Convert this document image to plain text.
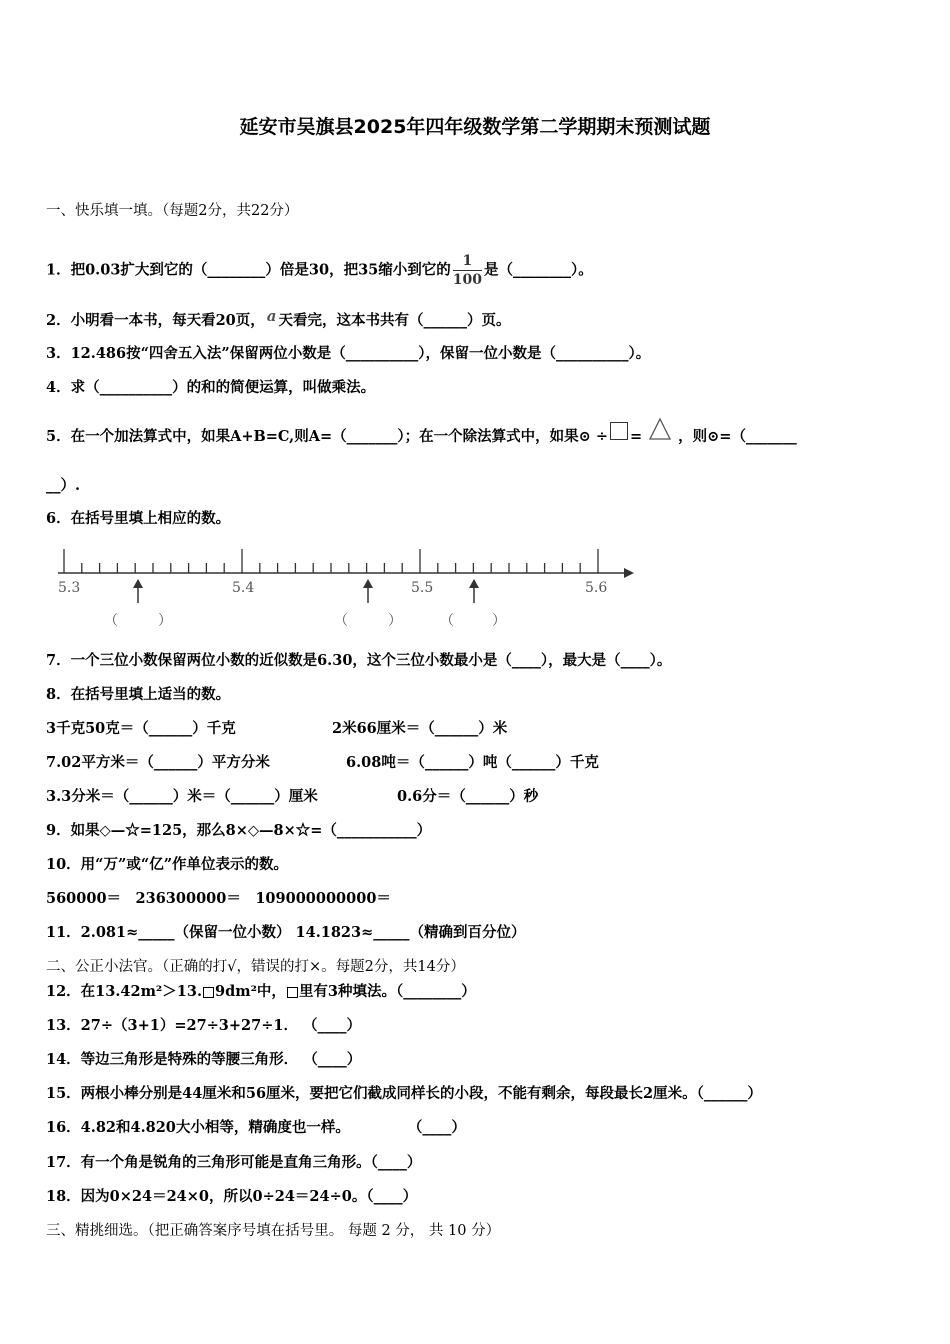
延安市吴旗县2025年四年级数学第二学期期末预测试题
一、快乐填一填。（每题2分，共22分）
1．把0.03扩大到它的（________）倍是30，把35缩小到它的 $\frac{1}{100}$ 是（________）。
2．小明看一本书，每天看20页， a 天看完，这本书共有（______）页。
3．12.486按“四舍五入法”保留两位小数是（__________），保留一位小数是（__________）。
4．求（__________）的和的简便运算，叫做乘法。
5．在一个加法算式中，如果A+B=C,则A=（_______）；在一个除法算式中，如果⊙ ÷ = ，则⊙=（_______
__）.
6．在括号里填上相应的数。
5.3	5.4	5.5	5.6
（	）	（	）	（	）
7．一个三位小数保留两位小数的近似数是6.30，这个三位小数最小是（____），最大是（____）。
8．在括号里填上适当的数。
3千克50克＝（______）千克	2米66厘米＝（______）米
7.02平方米＝（______）平方分米	6.08吨＝（______）吨（______）千克
3.3分米＝（______）米＝（______）厘米	0.6分＝（______）秒
9．如果◇—☆=125，那么8×◇—8×☆=（___________）
10．用“万”或“亿”作单位表示的数。
560000＝　236300000＝　109000000000＝
11．2.081≈_____（保留一位小数） 14.1823≈_____（精确到百分位）
二、公正小法官。（正确的打√，错误的打×。每题2分，共14分）
12．在13.42m²＞13. 9dm²中， 里有3种填法。（________）
13．27÷（3+1）=27÷3+27÷1． （____）
14．等边三角形是特殊的等腰三角形． （____）
15．两根小棒分别是44厘米和56厘米，要把它们截成同样长的小段，不能有剩余，每段最长2厘米。（______）
16．4.82和4.820大小相等，精确度也一样。　　　　　（____）
17．有一个角是锐角的三角形可能是直角三角形。（____）
18．因为0×24＝24×0，所以0÷24＝24÷0。（____）
三、精挑细选。（把正确答案序号填在括号里。 每题 2 分， 共 10 分）
